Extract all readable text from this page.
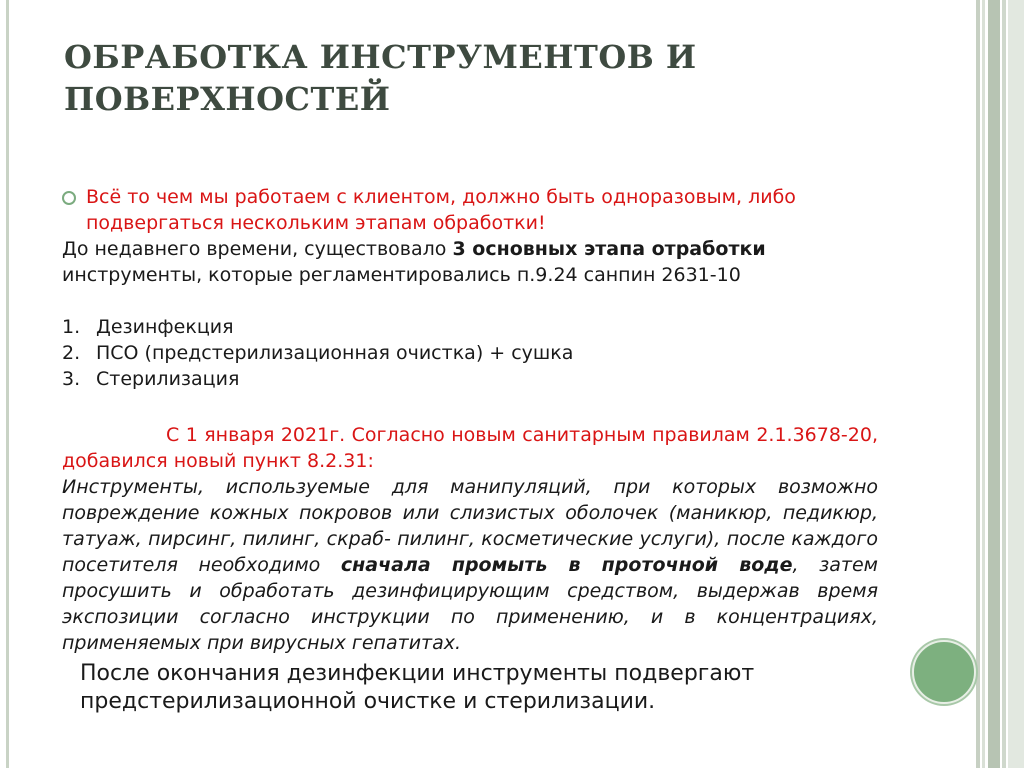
ОБРАБОТКА ИНСТРУМЕНТОВ И ПОВЕРХНОСТЕЙ
Всё то чем мы работаем с клиентом, должно быть одноразовым, либо подвергаться нескольким этапам обработки!

До недавнего времени, существовало 3 основных этапа отработки
инструменты, которые регламентировались п.9.24 санпин 2631-10

1. Дезинфекция
2. ПСО (предстерилизационная очистка) + сушка
3. Стерилизация

С 1 января 2021г. Согласно новым санитарным правилам 2.1.3678-20, добавился новый пункт 8.2.31:

Инструменты, используемые для манипуляций, при которых возможно повреждение кожных покровов или слизистых оболочек (маникюр, педикюр, татуаж, пирсинг, пилинг, скраб- пилинг, косметические услуги), после каждого посетителя необходимо сначала промыть в проточной воде, затем просушить и обработать дезинфицирующим средством, выдержав время экспозиции согласно инструкции по применению, и в концентрациях, применяемых при вирусных гепатитах.

После окончания дезинфекции инструменты подвергают предстерилизационной очистке и стерилизации.
